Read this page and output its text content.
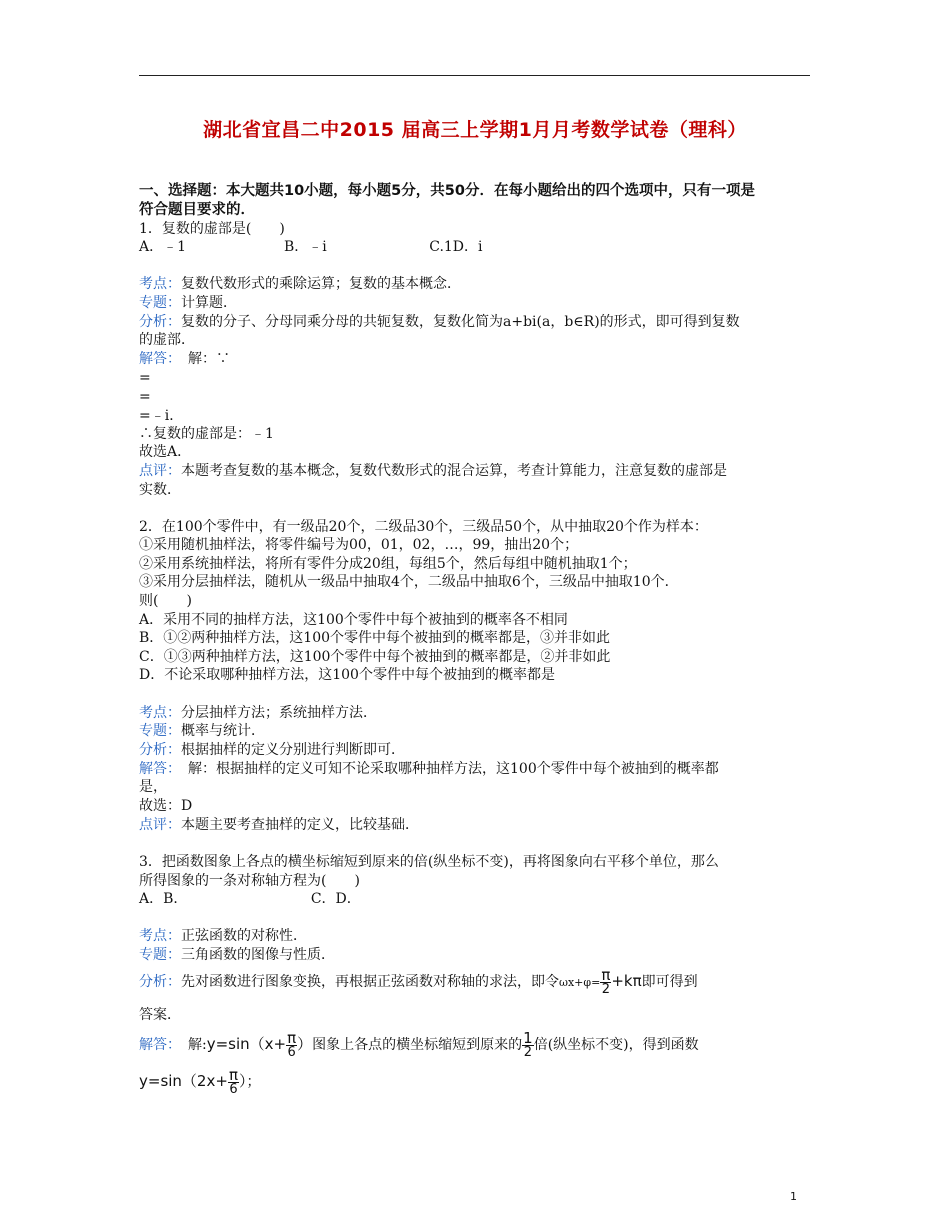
湖北省宜昌二中2015 届高三上学期1月月考数学试卷（理科）
一、选择题：本大题共10小题，每小题5分，共50分．在每小题给出的四个选项中，只有一项是
符合题目要求的．
1．复数的虚部是(　　)
A．﹣1　　　　　　　B．﹣i　　　　　　　 C.1D．i
考点：复数代数形式的乘除运算；复数的基本概念．
专题：计算题．
分析：复数的分子、分母同乘分母的共轭复数，复数化简为a+bi(a，b∈R)的形式，即可得到复数
的虚部．
解答：　解：∵
=
=
=﹣i．
∴复数的虚部是：﹣1
故选A．
点评：本题考查复数的基本概念，复数代数形式的混合运算，考查计算能力，注意复数的虚部是
实数．
2．在100个零件中，有一级品20个，二级品30个，三级品50个，从中抽取20个作为样本：
①采用随机抽样法，将零件编号为00，01，02，…，99，抽出20个；
②采用系统抽样法，将所有零件分成20组，每组5个，然后每组中随机抽取1个；
③采用分层抽样法，随机从一级品中抽取4个，二级品中抽取6个，三级品中抽取10个．
则(　　)
A．采用不同的抽样方法，这100个零件中每个被抽到的概率各不相同
B．①②两种抽样方法，这100个零件中每个被抽到的概率都是，③并非如此
C．①③两种抽样方法，这100个零件中每个被抽到的概率都是，②并非如此
D．不论采取哪种抽样方法，这100个零件中每个被抽到的概率都是
考点：分层抽样方法；系统抽样方法．
专题：概率与统计．
分析：根据抽样的定义分别进行判断即可．
解答：　解：根据抽样的定义可知不论采取哪种抽样方法，这100个零件中每个被抽到的概率都
是，
故选：D
点评：本题主要考查抽样的定义，比较基础．
3．把函数图象上各点的横坐标缩短到原来的倍(纵坐标不变)，再将图象向右平移个单位，那么
所得图象的一条对称轴方程为(　　)
A．B．　　　　　　　　　 C．D．
考点：正弦函数的对称性．
专题：三角函数的图像与性质．
分析：先对函数进行图象变换，再根据正弦函数对称轴的求法，即令$\omega x+\varphi= \frac{\pi}{2} +k\pi$即可得到
答案．
解答：　解:y=sin（x+ $\frac{\pi}{6}$ ）图象上各点的横坐标缩短到原来的 $\frac{1}{2}$ 倍(纵坐标不变)，得到函数
$y=\sin(2x+ \frac{\pi}{6}$ ）；
1
